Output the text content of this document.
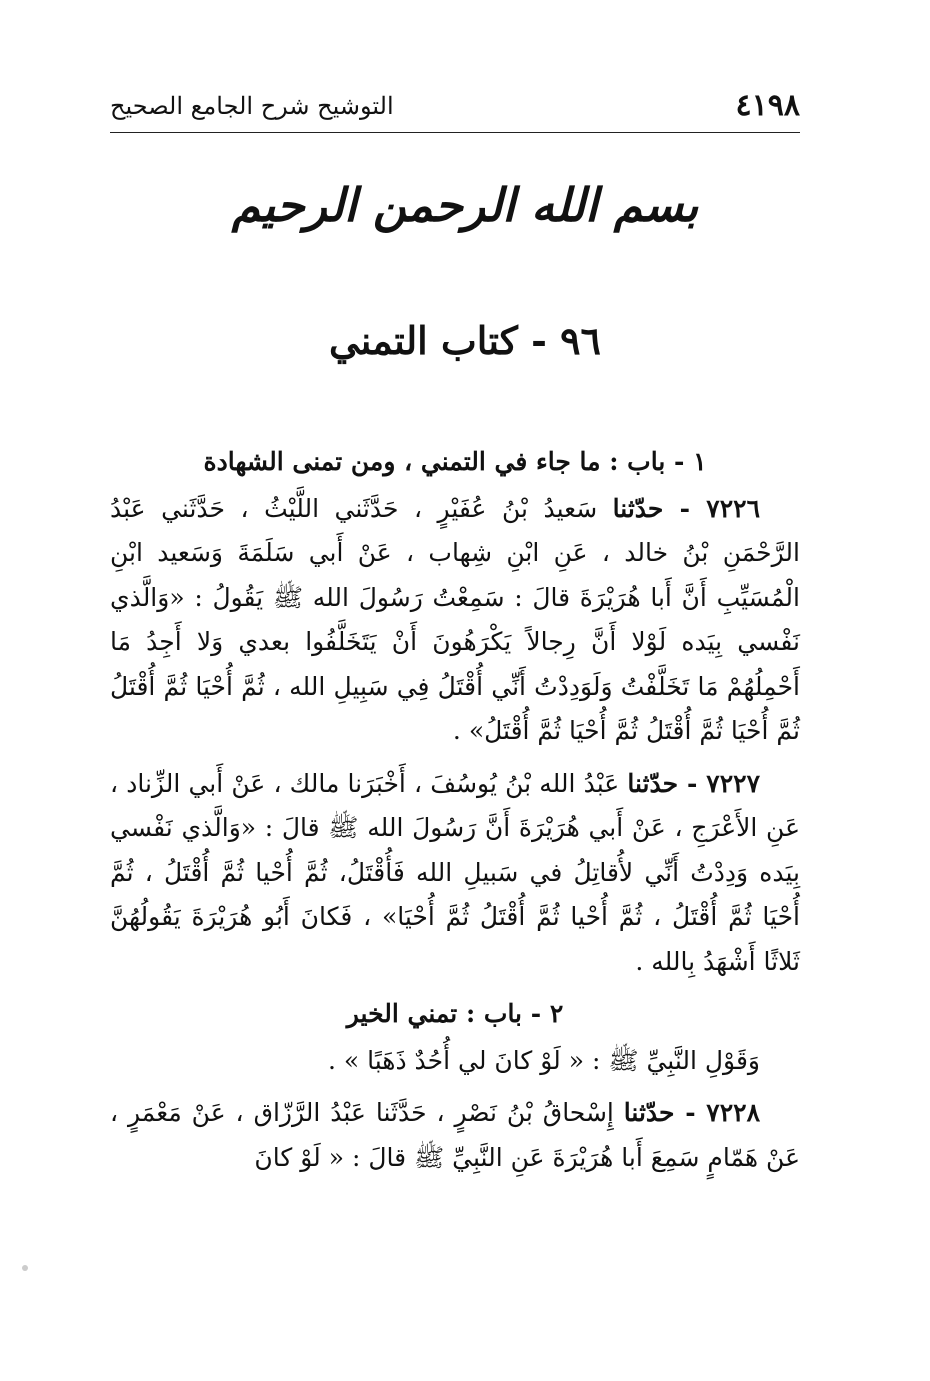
٤١٩٨
التوشيح شرح الجامع الصحيح
بسم الله الرحمن الرحيم
٩٦ - كتاب التمني
١ - باب : ما جاء في التمني ، ومن تمنى الشهادة

٧٢٢٦ - حدّثنا سَعيدُ بْنُ عُفَيْرٍ ، حَدَّثَني اللَّيْثُ ، حَدَّثَني عَبْدُ الرَّحْمَنِ بْنُ خالد ، عَنِ ابْنِ شِهاب ، عَنْ أَبي سَلَمَةَ وَسَعيد ابْنِ الْمُسَيِّبِ أَنَّ أَبا هُرَيْرَةَ قالَ : سَمِعْتُ رَسُولَ الله ﷺ يَقُولُ : «وَالَّذي نَفْسي بِيَده لَوْلا أَنَّ رِجالاً يَكْرَهُونَ أَنْ يَتَخَلَّفُوا بعدي وَلا أَجِدُ مَا أَحْمِلُهُمْ مَا تَخَلَّفْتُ وَلَوَدِدْتُ أَنِّي أُقْتَلُ فِي سَبِيلِ الله ، ثُمَّ أُحْيَا ثُمَّ أُقْتَلُ ثُمَّ أُحْيَا ثُمَّ أُقْتَلُ ثُمَّ أُحْيَا ثُمَّ أُقْتَلُ» .

٧٢٢٧ - حدّثنا عَبْدُ الله بْنُ يُوسُفَ ، أَخْبَرَنا مالك ، عَنْ أَبي الزِّناد ، عَنِ الأَعْرَجِ ، عَنْ أَبي هُرَيْرَةَ أَنَّ رَسُولَ الله ﷺ قالَ : «وَالَّذي نَفْسي بِيَده وَدِدْتُ أَنِّي لأُقاتِلُ في سَبيلِ الله فَأُقْتَلُ، ثُمَّ أُحْيا ثُمَّ أُقْتَلُ ، ثُمَّ أُحْيَا ثُمَّ أُقْتَلُ ، ثُمَّ أُحْيا ثُمَّ أُقْتَلُ ثُمَّ أُحْيَا» ، فَكانَ أَبُو هُرَيْرَةَ يَقُولُهُنَّ ثَلاثًا أَشْهَدُ بِالله .

٢ - باب : تمني الخير

وَقَوْلِ النَّبِيِّ ﷺ : « لَوْ كانَ لي أُحُدٌ ذَهَبًا » .

٧٢٢٨ - حدّثنا إِسْحاقُ بْنُ نَصْرٍ ، حَدَّثَنا عَبْدُ الرَّزّاق ، عَنْ مَعْمَرٍ ، عَنْ هَمّامٍ سَمِعَ أَبا هُرَيْرَةَ عَنِ النَّبِيِّ ﷺ قالَ : « لَوْ كانَ
